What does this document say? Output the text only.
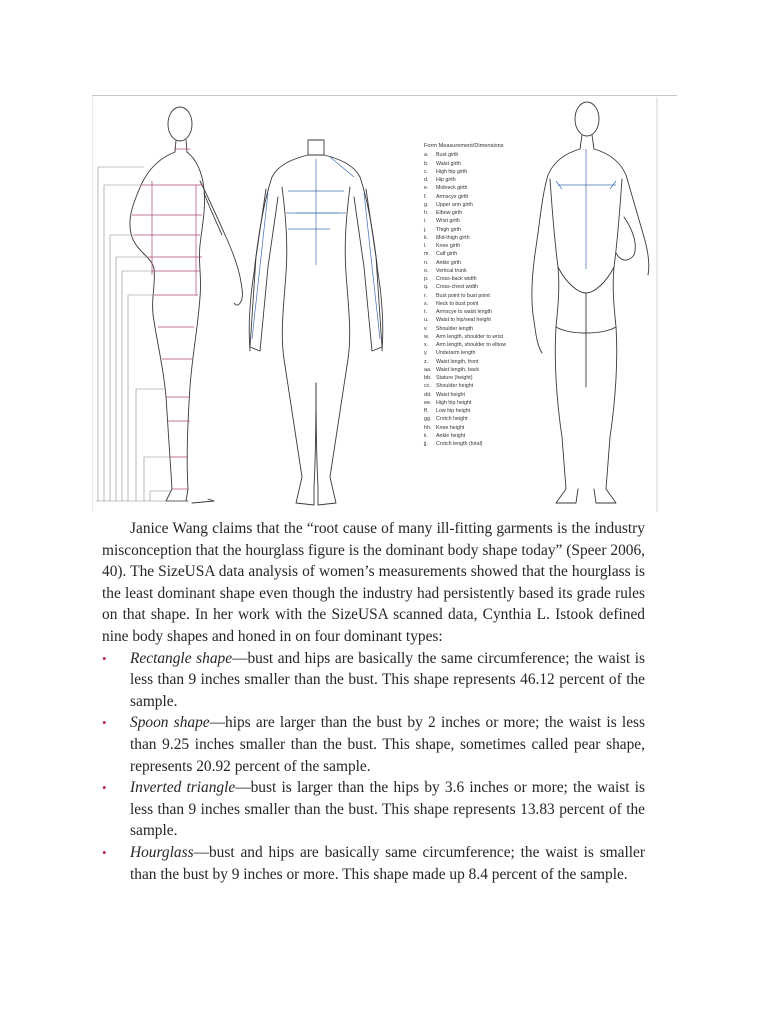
Form Measurement/Dimensions
a.	Bust girth
b.	Waist girth
c.	High hip girth
d.	Hip girth
e.	Midneck girth
f.	Armscye girth
g.	Upper arm girth
h.	Elbow girth
i.	Wrist girth
j.	Thigh girth
k.	Mid-thigh girth
l.	Knee girth
m.	Calf girth
n.	Ankle girth
o.	Vertical trunk
p.	Cross-back width
q.	Cross-chest width
r.	Bust point to bust point
s.	Neck to bust point
t.	Armscye to waist length
u.	Waist to hip/seat height
v.	Shoulder length
w.	Arm length, shoulder to wrist
x.	Arm length, shoulder to elbow
y.	Underarm length
z.	Waist length, front
aa. Waist length, back
bb. Stature (height)
cc. Shoulder height
dd. Waist height
ee. High hip height
ff.	Low hip height
gg. Crotch height
hh. Knee height
ii.	Ankle height
jj.	Crotch length (total)

Janice Wang claims that the “root cause of many ill-fitting garments is the industry misconception that the hourglass figure is the dominant body shape today” (Speer 2006, 40). The SizeUSA data analysis of women’s measurements showed that the hourglass is the least dominant shape even though the industry had persistently based its grade rules on that shape. In her work with the SizeUSA scanned data, Cynthia L. Istook defined nine body shapes and honed in on four dominant types:

• Rectangle shape—bust and hips are basically the same circumference; the waist is less than 9 inches smaller than the bust. This shape represents 46.12 percent of the sample.
• Spoon shape—hips are larger than the bust by 2 inches or more; the waist is less than 9.25 inches smaller than the bust. This shape, sometimes called pear shape, represents 20.92 percent of the sample.
• Inverted triangle—bust is larger than the hips by 3.6 inches or more; the waist is less than 9 inches smaller than the bust. This shape represents 13.83 percent of the sample.
• Hourglass—bust and hips are basically same circumference; the waist is smaller than the bust by 9 inches or more. This shape made up 8.4 percent of the sample.
